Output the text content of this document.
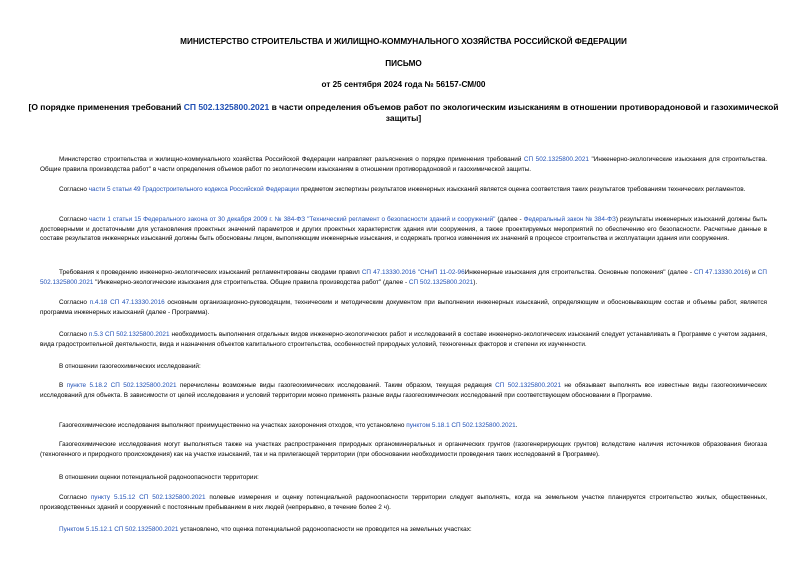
МИНИСТЕРСТВО СТРОИТЕЛЬСТВА И ЖИЛИЩНО-КОММУНАЛЬНОГО ХОЗЯЙСТВА РОССИЙСКОЙ ФЕДЕРАЦИИ
ПИСЬМО
от 25 сентября 2024 года № 56157-СМ/00
[О порядке применения требований СП 502.1325800.2021 в части определения объемов работ по экологическим изысканиям в отношении противорадоновой и газохимической защиты]
Министерство строительства и жилищно-коммунального хозяйства Российской Федерации направляет разъяснения о порядке применения требований СП 502.1325800.2021 "Инженерно-экологические изыскания для строительства. Общие правила производства работ" в части определения объемов работ по экологическим изысканиям в отношении противорадоновой и газохимической защиты.
Согласно части 5 статьи 49 Градостроительного кодекса Российской Федерации предметом экспертизы результатов инженерных изысканий является оценка соответствия таких результатов требованиям технических регламентов.
Согласно части 1 статьи 15 Федерального закона от 30 декабря 2009 г. № 384-ФЗ "Технический регламент о безопасности зданий и сооружений" (далее - Федеральный закон № 384-ФЗ) результаты инженерных изысканий должны быть достоверными и достаточными для установления проектных значений параметров и других проектных характеристик здания или сооружения, а также проектируемых мероприятий по обеспечению его безопасности. Расчетные данные в составе результатов инженерных изысканий должны быть обоснованы лицом, выполняющим инженерные изыскания, и содержать прогноз изменения их значений в процессе строительства и эксплуатации здания или сооружения.
Требования к проведению инженерно-экологических изысканий регламентированы сводами правил СП 47.13330.2016 "СНиП 11-02-96Инженерные изыскания для строительства. Основные положения" (далее - СП 47.13330.2016) и СП 502.1325800.2021 "Инженерно-экологические изыскания для строительства. Общие правила производства работ" (далее - СП 502.1325800.2021).
Согласно п.4.18 СП 47.13330.2016 основным организационно-руководящим, техническим и методическим документом при выполнении инженерных изысканий, определяющим и обосновывающим состав и объемы работ, является программа инженерных изысканий (далее - Программа).
Согласно п.5.3 СП 502.1325800.2021 необходимость выполнения отдельных видов инженерно-экологических работ и исследований в составе инженерно-экологических изысканий следует устанавливать в Программе с учетом задания, вида градостроительной деятельности, вида и назначения объектов капитального строительства, особенностей природных условий, техногенных факторов и степени их изученности.
В отношении газогеохимических исследований:
В пункте 5.18.2 СП 502.1325800.2021 перечислены возможные виды газогеохимических исследований. Таким образом, текущая редакция СП 502.1325800.2021 не обязывает выполнять все известные виды газогеохимических исследований для объекта. В зависимости от целей исследования и условий территории можно применять разные виды газогеохимических исследований при соответствующем обосновании в Программе.
Газогеохимические исследования выполняют преимущественно на участках захоронения отходов, что установлено пунктом 5.18.1 СП 502.1325800.2021.
Газогеохимические исследования могут выполняться также на участках распространения природных органоминеральных и органических грунтов (газогенерирующих грунтов) вследствие наличия источников образования биогаза (техногенного и природного происхождения) как на участке изысканий, так и на прилегающей территории (при обосновании необходимости проведения таких исследований в Программе).
В отношении оценки потенциальной радоноопасности территории:
Согласно пункту 5.15.12 СП 502.1325800.2021 полевые измерения и оценку потенциальной радоноопасности территории следует выполнять, когда на земельном участке планируется строительство жилых, общественных, производственных зданий и сооружений с постоянным пребыванием в них людей (непрерывно, в течение более 2 ч).
Пунктом 5.15.12.1 СП 502.1325800.2021 установлено, что оценка потенциальной радоноопасности не проводится на земельных участках:
